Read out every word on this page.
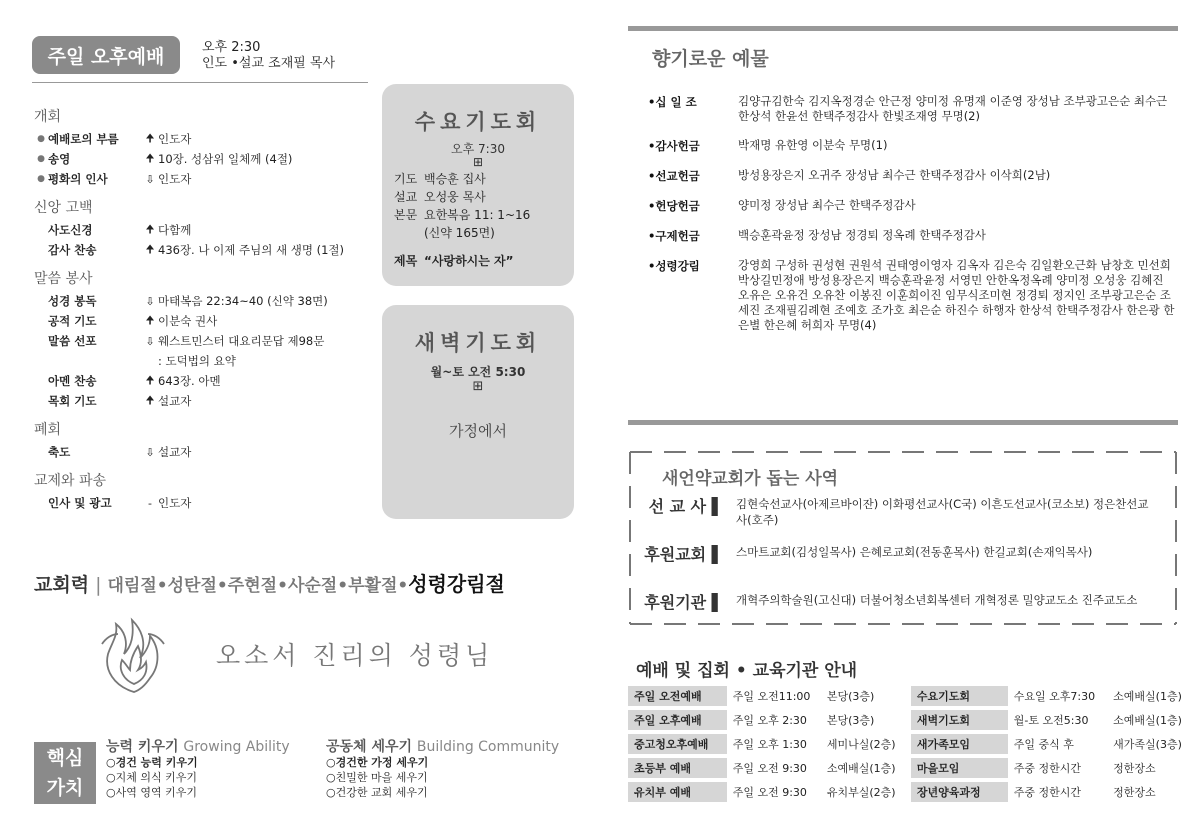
주일 오후예배	오후 2:30
인도 •설교 조재필 목사
개회
● 예배로의 부름	🠉 인도자
● 송영	🠉 10장. 성삼위 일체께 (4절)
● 평화의 인사	⇩ 인도자
신앙 고백
사도신경	🠉 다함께
감사 찬송	🠉 436장. 나 이제 주님의 새 생명 (1절)
말씀 봉사
성경 봉독	⇩ 마태복음 22:34~40 (신약 38면)
공적 기도	🠉 이분숙 권사
말씀 선포	⇩ 웨스트민스터 대요리문답 제98문
: 도덕법의 요약
아멘 찬송	🠉 643장. 아멘
목회 기도	🠉 설교자
폐회
축도	⇩ 설교자
교제와 파송
인사 및 광고	- 인도자
수요기도회
오후 7:30
⊞
기도 백승훈 집사
설교 오성웅 목사
본문 요한복음 11: 1~16
(신약 165면)
제목 “사랑하시는 자”
새벽기도회
월~토 오전 5:30
⊞
가정에서
교회력 | 대림절•성탄절•주현절•사순절•부활절•성령강림절
오소서 진리의 성령님
핵심
가치
능력 키우기 Growing Ability
○경건 능력 키우기
○지체 의식 키우기
○사역 영역 키우기
공동체 세우기 Building Community
○경건한 가정 세우기
○친밀한 마을 세우기
○건강한 교회 세우기
향기로운 예물
•십 일 조	김양규김한숙 김지옥정경순 안근정 양미정 유명재 이준영 장성남 조부광고은순 최수근 한상석 한윤선 한택주정감사 한빛조재영 무명(2)
•감사헌금	박재명 유한영 이분숙 무명(1)
•선교헌금	방성용장은지 오귀주 장성남 최수근 한택주정감사 이삭희(2남)
•헌당헌금	양미정 장성남 최수근 한택주정감사
•구제헌금	백승훈곽윤정 장성남 정경퇴 정옥례 한택주정감사
•성령강림	강영희 구성하 권성현 권원석 권태영이영자 김옥자 김은숙 김일환오근화 남창호 민선희 박상길민정애 방성용장은지 백승훈곽윤정 서영민 안한옥정옥례 양미정 오성웅 김혜진 오유은 오유건 오유찬 이봉진 이훈희이진 임무식조미현 정경퇴 정지인 조부광고은순 조세진 조재필김례현 조예호 조가호 최은순 하진수 하행자 한상석 한택주정감사 한은광 한은별 한은혜 허희자 무명(4)
새언약교회가 돕는 사역
선 교 사 ▌	김현숙선교사(아제르바이잔) 이화평선교사(C국) 이흔도선교사(코소보) 정은찬선교사(호주)
후원교회 ▌	스마트교회(김성일목사) 은혜로교회(전동훈목사) 한길교회(손재익목사)
후원기관 ▌	개혁주의학술원(고신대) 더불어청소년회복센터 개혁정론 밀양교도소 진주교도소
예배 및 집회 • 교육기관 안내
주일 오전예배	주일 오전11:00	본당(3층)	수요기도회	수요일 오후7:30	소예배실(1층)
주일 오후예배	주일 오후 2:30	본당(3층)	새벽기도회	월-토 오전5:30	소예배실(1층)
중고청오후예배	주일 오후 1:30	세미나실(2층)	새가족모임	주일 중식 후	새가족실(3층)
초등부 예배	주일 오전 9:30	소예배실(1층)	마을모임	주중 정한시간	정한장소
유치부 예배	주일 오전 9:30	유치부실(2층)	장년양육과정	주중 정한시간	정한장소
